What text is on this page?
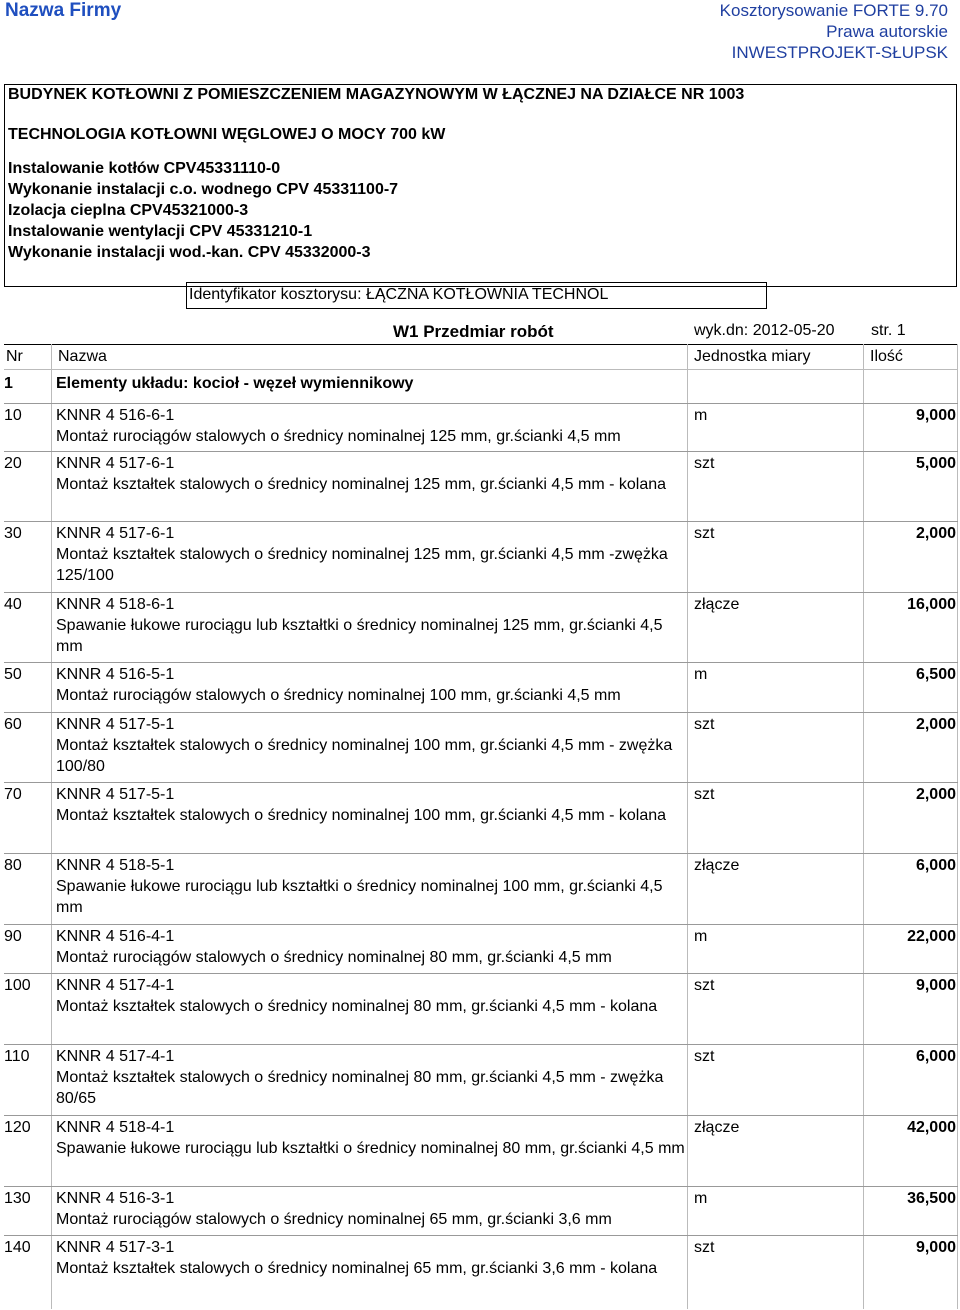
Nazwa Firmy	Kosztorysowanie FORTE 9.70
Prawa autorskie
INWESTPROJEKT-SŁUPSK
BUDYNEK KOTŁOWNI Z POMIESZCZENIEM MAGAZYNOWYM W ŁĄCZNEJ NA DZIAŁCE NR 1003
TECHNOLOGIA KOTŁOWNI WĘGLOWEJ O MOCY 700 kW
Instalowanie kotłów CPV45331110-0
Wykonanie instalacji c.o. wodnego CPV 45331100-7
Izolacja cieplna CPV45321000-3
Instalowanie wentylacji CPV 45331210-1
Wykonanie instalacji wod.-kan. CPV 45332000-3
Identyfikator kosztorysu: ŁĄCZNA KOTŁOWNIA TECHNOL
W1 Przedmiar robót	wyk.dn: 2012-05-20 str. 1
Nr Nazwa	Jednostka miary	Ilość
1	Elementy układu: kocioł - węzeł wymiennikowy
10	KNNR 4 516-6-1
Montaż rurociągów stalowych o średnicy nominalnej 125 mm, gr.ścianki 4,5 mm
m	9,000
20	KNNR 4 517-6-1
Montaż kształtek stalowych o średnicy nominalnej 125 mm, gr.ścianki 4,5 mm - kolana
szt	5,000
30	KNNR 4 517-6-1
Montaż kształtek stalowych o średnicy nominalnej 125 mm, gr.ścianki 4,5 mm -zwężka 125/100
szt	2,000
40	KNNR 4 518-6-1
Spawanie łukowe rurociągu lub kształtki o średnicy nominalnej 125 mm, gr.ścianki 4,5 mm
złącze	16,000
50	KNNR 4 516-5-1
Montaż rurociągów stalowych o średnicy nominalnej 100 mm, gr.ścianki 4,5 mm
m	6,500
60	KNNR 4 517-5-1
Montaż kształtek stalowych o średnicy nominalnej 100 mm, gr.ścianki 4,5 mm - zwężka 100/80
szt	2,000
70	KNNR 4 517-5-1
Montaż kształtek stalowych o średnicy nominalnej 100 mm, gr.ścianki 4,5 mm - kolana
szt	2,000
80	KNNR 4 518-5-1
Spawanie łukowe rurociągu lub kształtki o średnicy nominalnej 100 mm, gr.ścianki 4,5 mm
złącze	6,000
90	KNNR 4 516-4-1
Montaż rurociągów stalowych o średnicy nominalnej 80 mm, gr.ścianki 4,5 mm
m	22,000
100	KNNR 4 517-4-1
Montaż kształtek stalowych o średnicy nominalnej 80 mm, gr.ścianki 4,5 mm - kolana
szt	9,000
110	KNNR 4 517-4-1
Montaż kształtek stalowych o średnicy nominalnej 80 mm, gr.ścianki 4,5 mm - zwężka 80/65
szt	6,000
120	KNNR 4 518-4-1
Spawanie łukowe rurociągu lub kształtki o średnicy nominalnej 80 mm, gr.ścianki 4,5 mm
złącze	42,000
130	KNNR 4 516-3-1
Montaż rurociągów stalowych o średnicy nominalnej 65 mm, gr.ścianki 3,6 mm
m	36,500
140	KNNR 4 517-3-1
Montaż kształtek stalowych o średnicy nominalnej 65 mm, gr.ścianki 3,6 mm - kolana
szt	9,000
